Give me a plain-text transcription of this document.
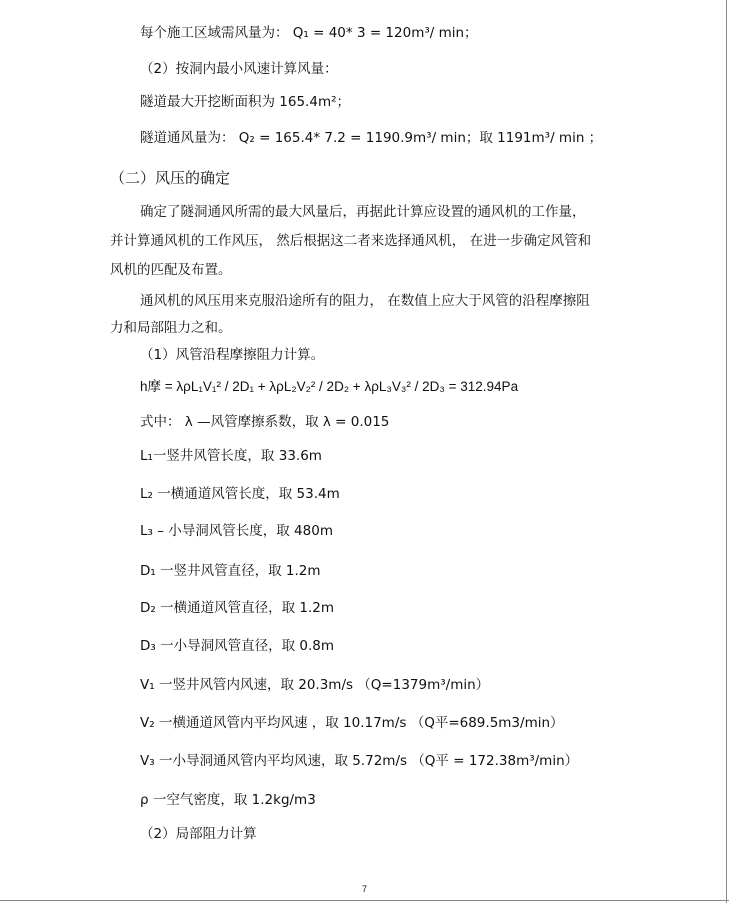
每个施工区域需风量为： Q₁ = 40* 3 = 120m³/ min；
（2）按洞内最小风速计算风量：
隧道最大开挖断面积为 165.4m²；
隧道通风量为： Q₂ = 165.4* 7.2 = 1190.9m³/ min；取 1191m³/ min ；
（二）风压的确定
确定了隧洞通风所需的最大风量后，再据此计算应设置的通风机的工作量，
并计算通风机的工作风压， 然后根据这二者来选择通风机， 在进一步确定风管和
风机的匹配及布置。
通风机的风压用来克服沿途所有的阻力， 在数值上应大于风管的沿程摩擦阻
力和局部阻力之和。
（1）风管沿程摩擦阻力计算。
h摩 = λρL₁V₁² / 2D₁ + λρL₂V₂² / 2D₂ + λρL₃V₃² / 2D₃ = 312.94Pa
式中： λ —风管摩擦系数，取 λ = 0.015
L₁一竖井风管长度，取 33.6m
L₂ 一横通道风管长度，取 53.4m
L₃ – 小导洞风管长度，取 480m
D₁ 一竖井风管直径，取 1.2m
D₂ 一横通道风管直径，取 1.2m
D₃ 一小导洞风管直径，取 0.8m
V₁ 一竖井风管内风速，取 20.3m/s （Q=1379m³/min）
V₂ 一横通道风管内平均风速 ，取 10.17m/s （Q平=689.5m3/min）
V₃ 一小导洞通风管内平均风速，取 5.72m/s （Q平 = 172.38m³/min）
ρ 一空气密度，取 1.2kg/m3
（2）局部阻力计算
7
